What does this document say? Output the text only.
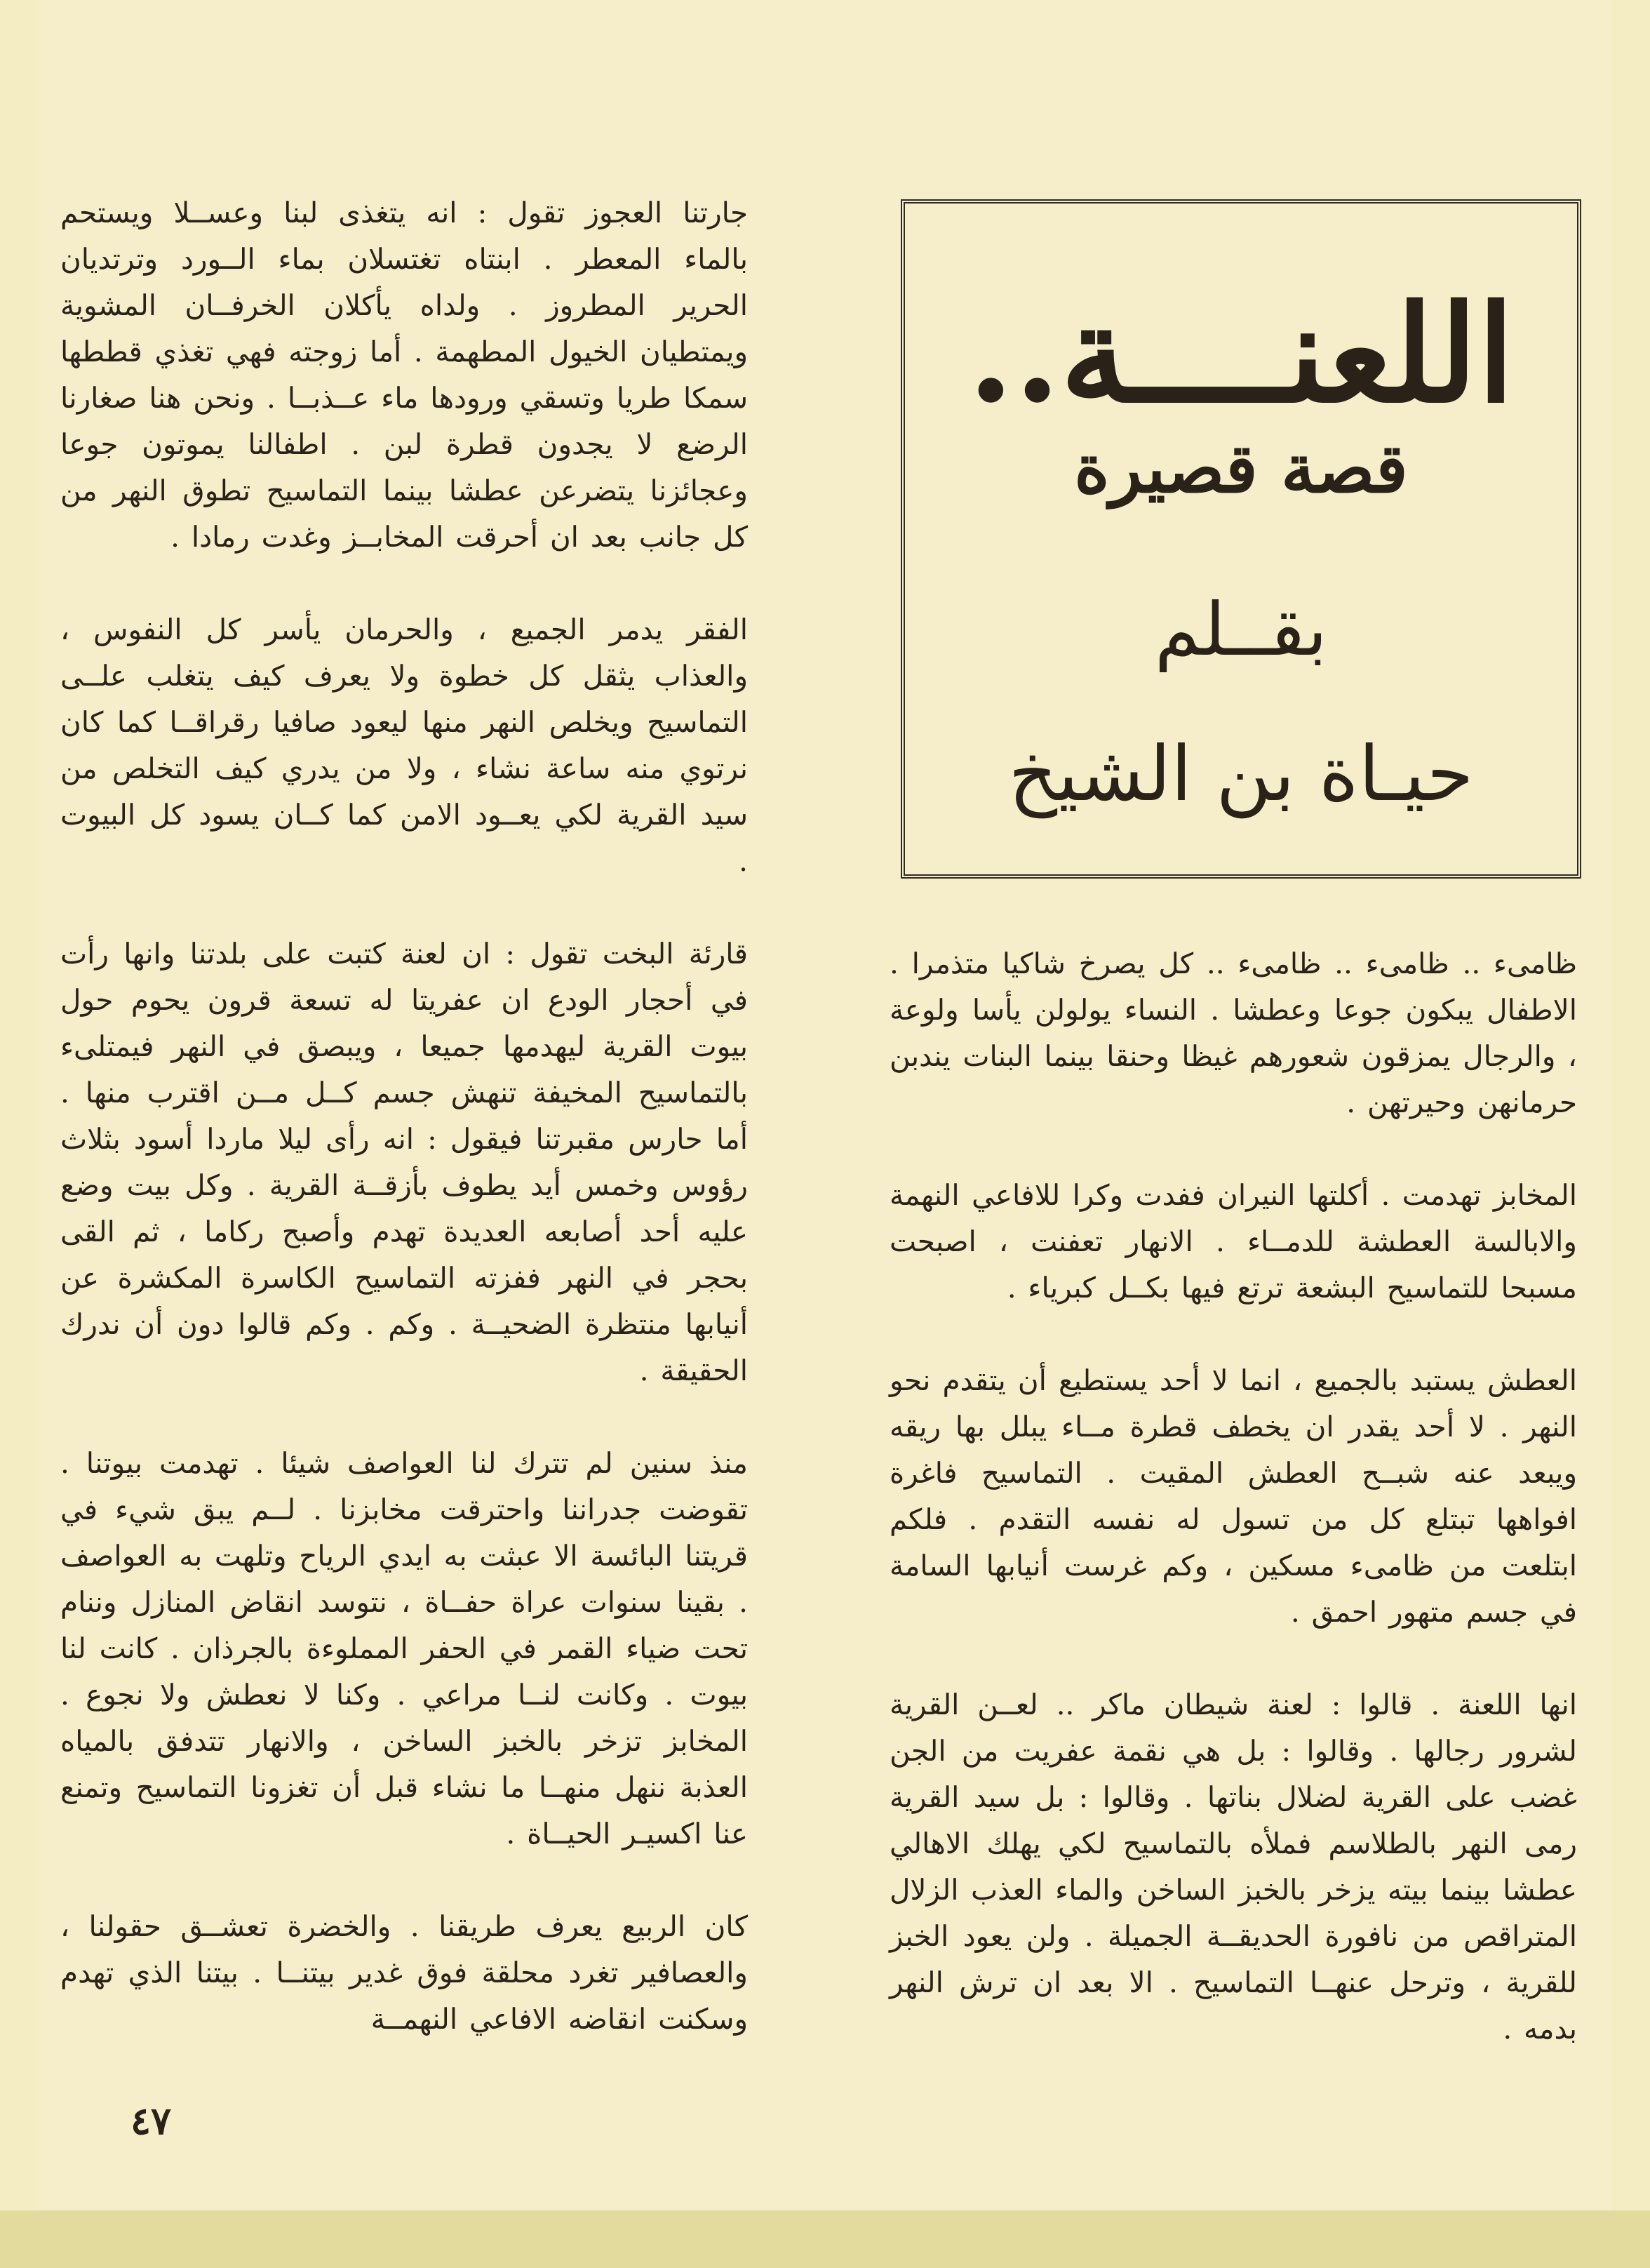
اللعنــــة..
قصة قصيرة
بقــلم
حيـاة بن الشيخ

ظامىء .. ظامىء .. ظامىء .. كل يصرخ شاكيا متذمرا . الاطفال يبكون جوعا وعطشا . النساء يولولن يأسا ولوعة ، والرجال يمزقون شعورهم غيظا وحنقا بينما البنات يندبن حرمانهن وحيرتهن .

المخابز تهدمت . أكلتها النيران ففدت وكرا للافاعي النهمة والابالسة العطشة للدمــاء . الانهار تعفنت ، اصبحت مسبحا للتماسيح البشعة ترتع فيها بكــل كبرياء .

العطش يستبد بالجميع ، انما لا أحد يستطيع أن يتقدم نحو النهر . لا أحد يقدر ان يخطف قطرة مــاء يبلل بها ريقه ويبعد عنه شبــح العطش المقيت . التماسيح فاغرة افواهها تبتلع كل من تسول له نفسه التقدم . فلكم ابتلعت من ظامىء مسكين ، وكم غرست أنيابها السامة في جسم متهور احمق .

انها اللعنة . قالوا : لعنة شيطان ماكر .. لعــن القرية لشرور رجالها . وقالوا : بل هي نقمة عفريت من الجن غضب على القرية لضلال بناتها . وقالوا : بل سيد القرية رمى النهر بالطلاسم فملأه بالتماسيح لكي يهلك الاهالي عطشا بينما بيته يزخر بالخبز الساخن والماء العذب الزلال المتراقص من نافورة الحديقــة الجميلة . ولن يعود الخبز للقرية ، وترحل عنهــا التماسيح . الا بعد ان ترش النهر بدمه .

جارتنا العجوز تقول : انه يتغذى لبنا وعســلا ويستحم بالماء المعطر . ابنتاه تغتسلان بماء الــورد وترتديان الحرير المطروز . ولداه يأكلان الخرفــان المشوية ويمتطيان الخيول المطهمة . أما زوجته فهي تغذي قططها سمكا طريا وتسقي ورودها ماء عــذبــا . ونحن هنا صغارنا الرضع لا يجدون قطرة لبن . اطفالنا يموتون جوعا وعجائزنا يتضرعن عطشا بينما التماسيح تطوق النهر من كل جانب بعد ان أحرقت المخابــز وغدت رمادا .

الفقر يدمر الجميع ، والحرمان يأسر كل النفوس ، والعذاب يثقل كل خطوة ولا يعرف كيف يتغلب علــى التماسيح ويخلص النهر منها ليعود صافيا رقراقــا كما كان نرتوي منه ساعة نشاء ، ولا من يدري كيف التخلص من سيد القرية لكي يعــود الامن كما كــان يسود كل البيوت .

قارئة البخت تقول : ان لعنة كتبت على بلدتنا وانها رأت في أحجار الودع ان عفريتا له تسعة قرون يحوم حول بيوت القرية ليهدمها جميعا ، ويبصق في النهر فيمتلىء بالتماسيح المخيفة تنهش جسم كــل مــن اقترب منها . أما حارس مقبرتنا فيقول : انه رأى ليلا ماردا أسود بثلاث رؤوس وخمس أيد يطوف بأزقــة القرية . وكل بيت وضع عليه أحد أصابعه العديدة تهدم وأصبح ركاما ، ثم القى بحجر في النهر ففزته التماسيح الكاسرة المكشرة عن أنيابها منتظرة الضحيــة . وكم . وكم قالوا دون أن ندرك الحقيقة .

منذ سنين لم تترك لنا العواصف شيئا . تهدمت بيوتنا . تقوضت جدراننا واحترقت مخابزنا . لــم يبق شيء في قريتنا البائسة الا عبثت به ايدي الرياح وتلهت به العواصف . بقينا سنوات عراة حفــاة ، نتوسد انقاض المنازل وننام تحت ضياء القمر في الحفر المملوءة بالجرذان . كانت لنا بيوت . وكانت لنــا مراعي . وكنا لا نعطش ولا نجوع . المخابز تزخر بالخبز الساخن ، والانهار تتدفق بالمياه العذبة ننهل منهــا ما نشاء قبل أن تغزونا التماسيح وتمنع عنا اكسيـر الحيــاة .

كان الربيع يعرف طريقنا . والخضرة تعشــق حقولنا ، والعصافير تغرد محلقة فوق غدير بيتنــا . بيتنا الذي تهدم وسكنت انقاضه الافاعي النهمــة

٤٧
